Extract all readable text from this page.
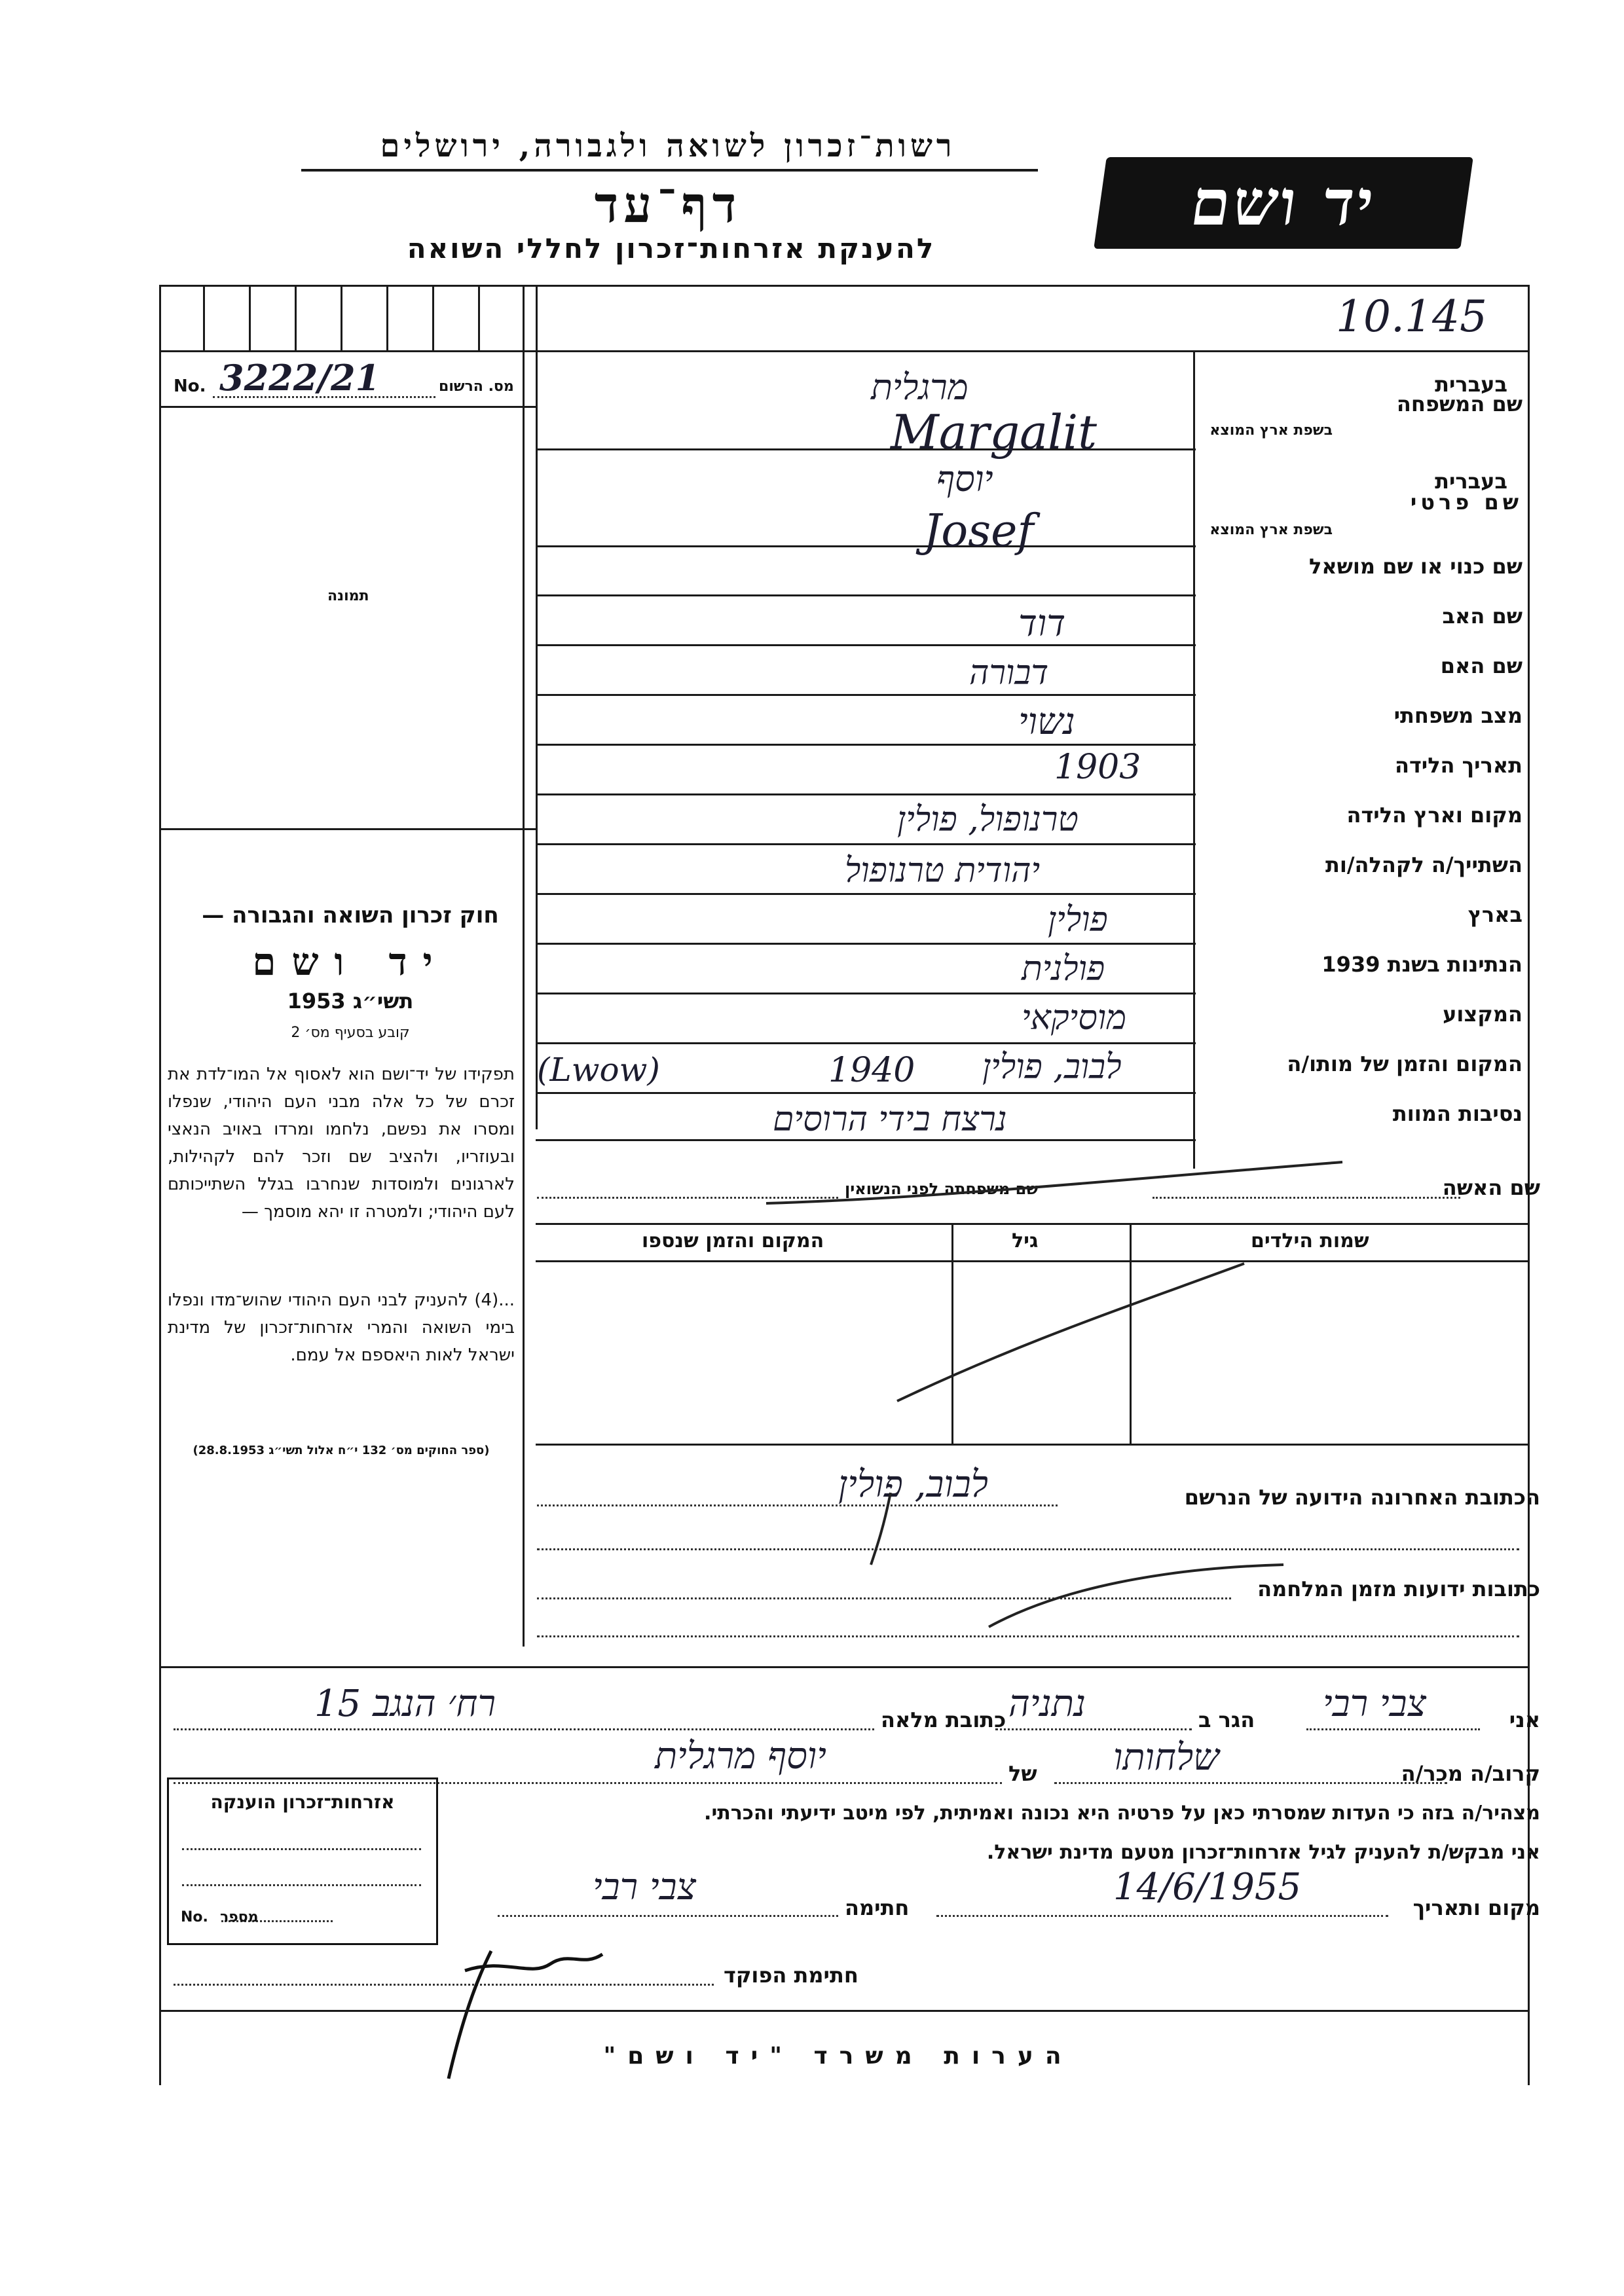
רשות־זכרון לשואה ולגבורה, ירושלים
דף־עד
להענקת אזרחות־זכרון לחללי השואה
יד ושם
10.145
No. 3222/21	מס. הרשום
תמונה
חוק זכרון השואה והגבורה —
יד ושם
תשי״ג 1953
קובע בסעיף מס׳ 2
תפקידו של יד־ושם הוא לאסוף אל המו־לדת את זכרם של כל אלה מבני העם היהודי, שנפלו ומסרו את נפשם, נלחמו ומרדו באויב הנאצי ובעוזריו, ולהציב שם וזכר להם לקהילות, לארגונים ולמוסדות שנחרבו בגלל השתייכותם לעם היהודי; ולמטרה זו יהא מוסמך —
...(4) להעניק לבני העם היהודי שהוש־מדו ונפלו בימי השואה והמרי אזרחות־זכרון של מדינת ישראל לאות היאספם אל עמם.
(ספר החוקים מס׳ 132 י״ח אלול תשי״ג 28.8.1953)
בעברית
שם המשפחה
בשפת ארץ המוצא
בעברית
שם פרטי
בשפת ארץ המוצא
שם כנוי או שם מושאל
שם האב
שם האם
מצב משפחתי
תאריך הלידה
מקום וארץ הלידה
השתייך/ה לקהלה/ות
בארץ
הנתינות בשנת 1939
המקצוע
המקום והזמן של מותו/ה
נסיבות המוות
מרגלית
Margalit
יוסף
Josef
דוד
דבורה
נשוי
1903
טרנופול, פולין
יהודית טרנופול
פולין
פולנית
מוסיקאי
(Lwow)	1940 לבוב, פולין
נרצח בידי הרוסים
שם האשה
שם משפחתה לפני הנשואין
שמות הילדים
גיל
המקום והזמן שנספו
הכתובת האחרונה הידועה של הנרשם
לבוב, פולין
כתובות ידועות מזמן המלחמה
אני
צבי רבי
הגר ב
נתניה
כתובת מלאה
רח׳ הנגב 15
קרוב/ה מכר/ה
שלחותו
של
יוסף מרגלית
מצהיר/ה בזה כי העדות שמסרתי כאן על פרטיה היא נכונה ואמיתית, לפי מיטב ידיעתי והכרתי.
אני מבקש/ת להעניק לגיל אזרחות־זכרון מטעם מדינת ישראל.
מקום ותאריך
14/6/1955
חתימה
צבי רבי
חתימת הפוקד
אזרחות־זכרון הוענקה
No. מספר
הערות משרד "יד ושם"
